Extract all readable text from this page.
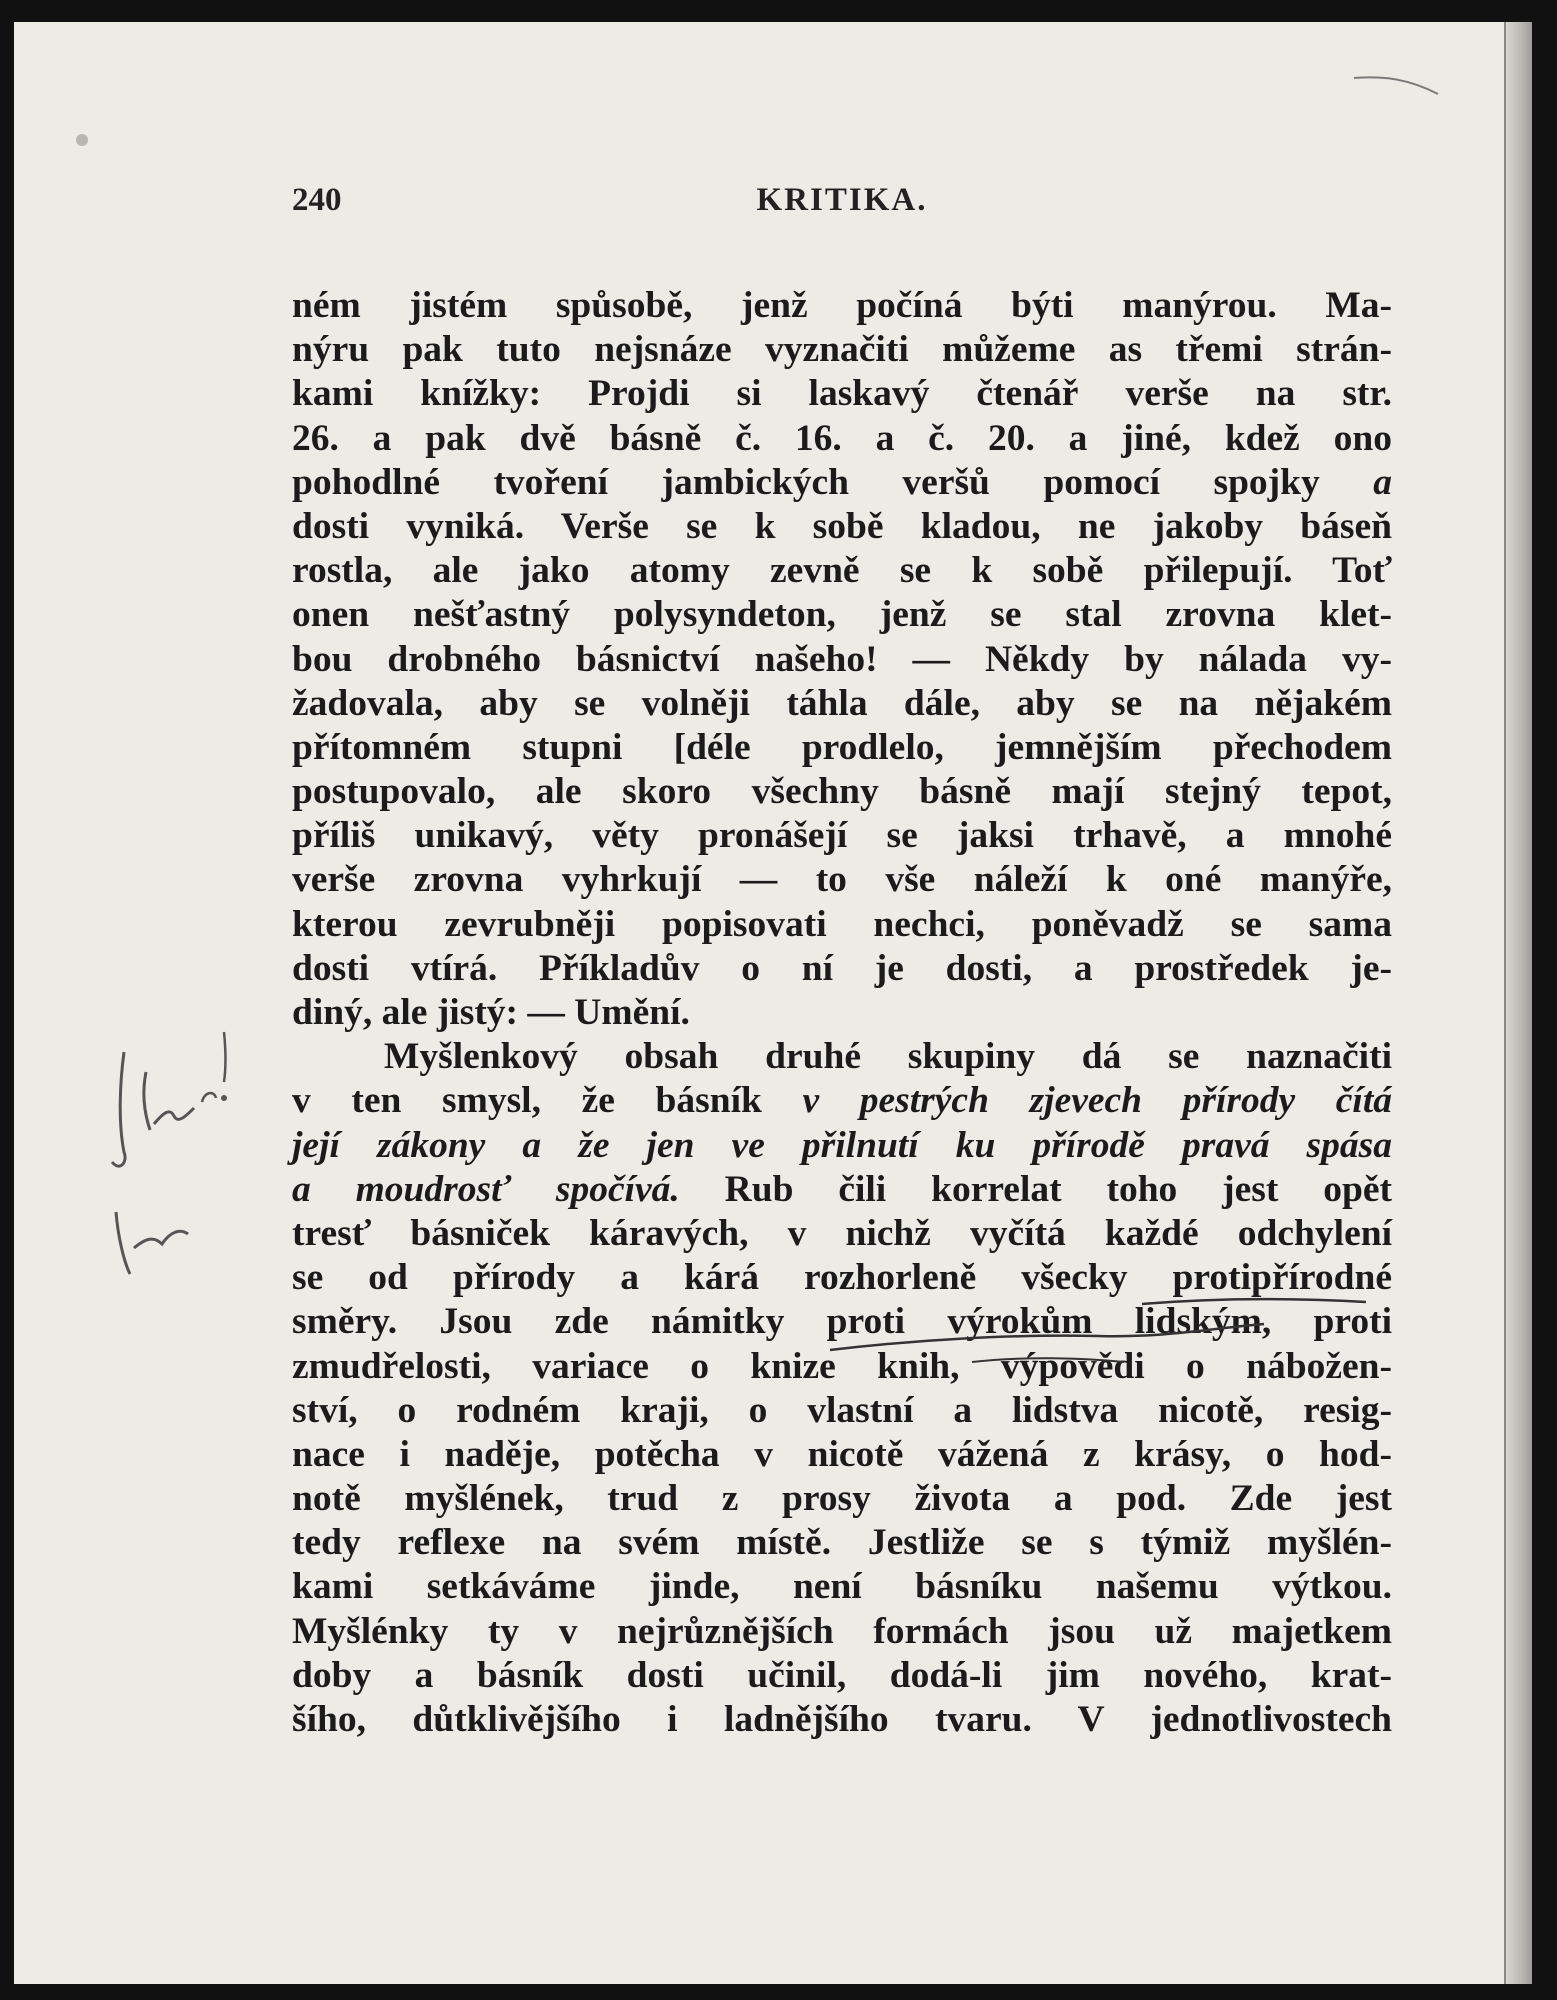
240	KRITIKA.
ném jistém spůsobě, jenž počíná býti manýrou. Ma-
nýru pak tuto nejsnáze vyznačiti můžeme as třemi strán-
kami knížky: Projdi si laskavý čtenář verše na str.
26. a pak dvě básně č. 16. a č. 20. a jiné, kdež ono
pohodlné tvoření jambických veršů pomocí spojky a
dosti vyniká. Verše se k sobě kladou, ne jakoby báseň
rostla, ale jako atomy zevně se k sobě přilepují. Toť
onen nešťastný polysyndeton, jenž se stal zrovna klet-
bou drobného básnictví našeho! — Někdy by nálada vy-
žadovala, aby se volněji táhla dále, aby se na nějakém
přítomném stupni [déle prodlelo, jemnějším přechodem
postupovalo, ale skoro všechny básně mají stejný tepot,
příliš unikavý, věty pronášejí se jaksi trhavě, a mnohé
verše zrovna vyhrkují — to vše náleží k oné manýře,
kterou zevrubněji popisovati nechci, poněvadž se sama
dosti vtírá. Příkladův o ní je dosti, a prostředek je-
diný, ale jistý: — Umění.
Myšlenkový obsah druhé skupiny dá se naznačiti
v ten smysl, že básník v pestrých zjevech přírody čítá
její zákony a že jen ve přilnutí ku přírodě pravá spása
a moudrosť spočívá. Rub čili korrelat toho jest opět
tresť básniček káravých, v nichž vyčítá každé odchylení
se od přírody a kárá rozhorleně všecky protipřírodné
směry. Jsou zde námitky proti výrokům lidským, proti
zmudřelosti, variace o knize knih, výpovědi o nábožen-
ství, o rodném kraji, o vlastní a lidstva nicotě, resig-
nace i naděje, potěcha v nicotě vážená z krásy, o hod-
notě myšlének, trud z prosy života a pod. Zde jest
tedy reflexe na svém místě. Jestliže se s týmiž myšlén-
kami setkáváme jinde, není básníku našemu výtkou.
Myšlénky ty v nejrůznějších formách jsou už majetkem
doby a básník dosti učinil, dodá-li jim nového, krat-
šího, důtklivějšího i ladnějšího tvaru. V jednotlivostech
Jehož! le…
